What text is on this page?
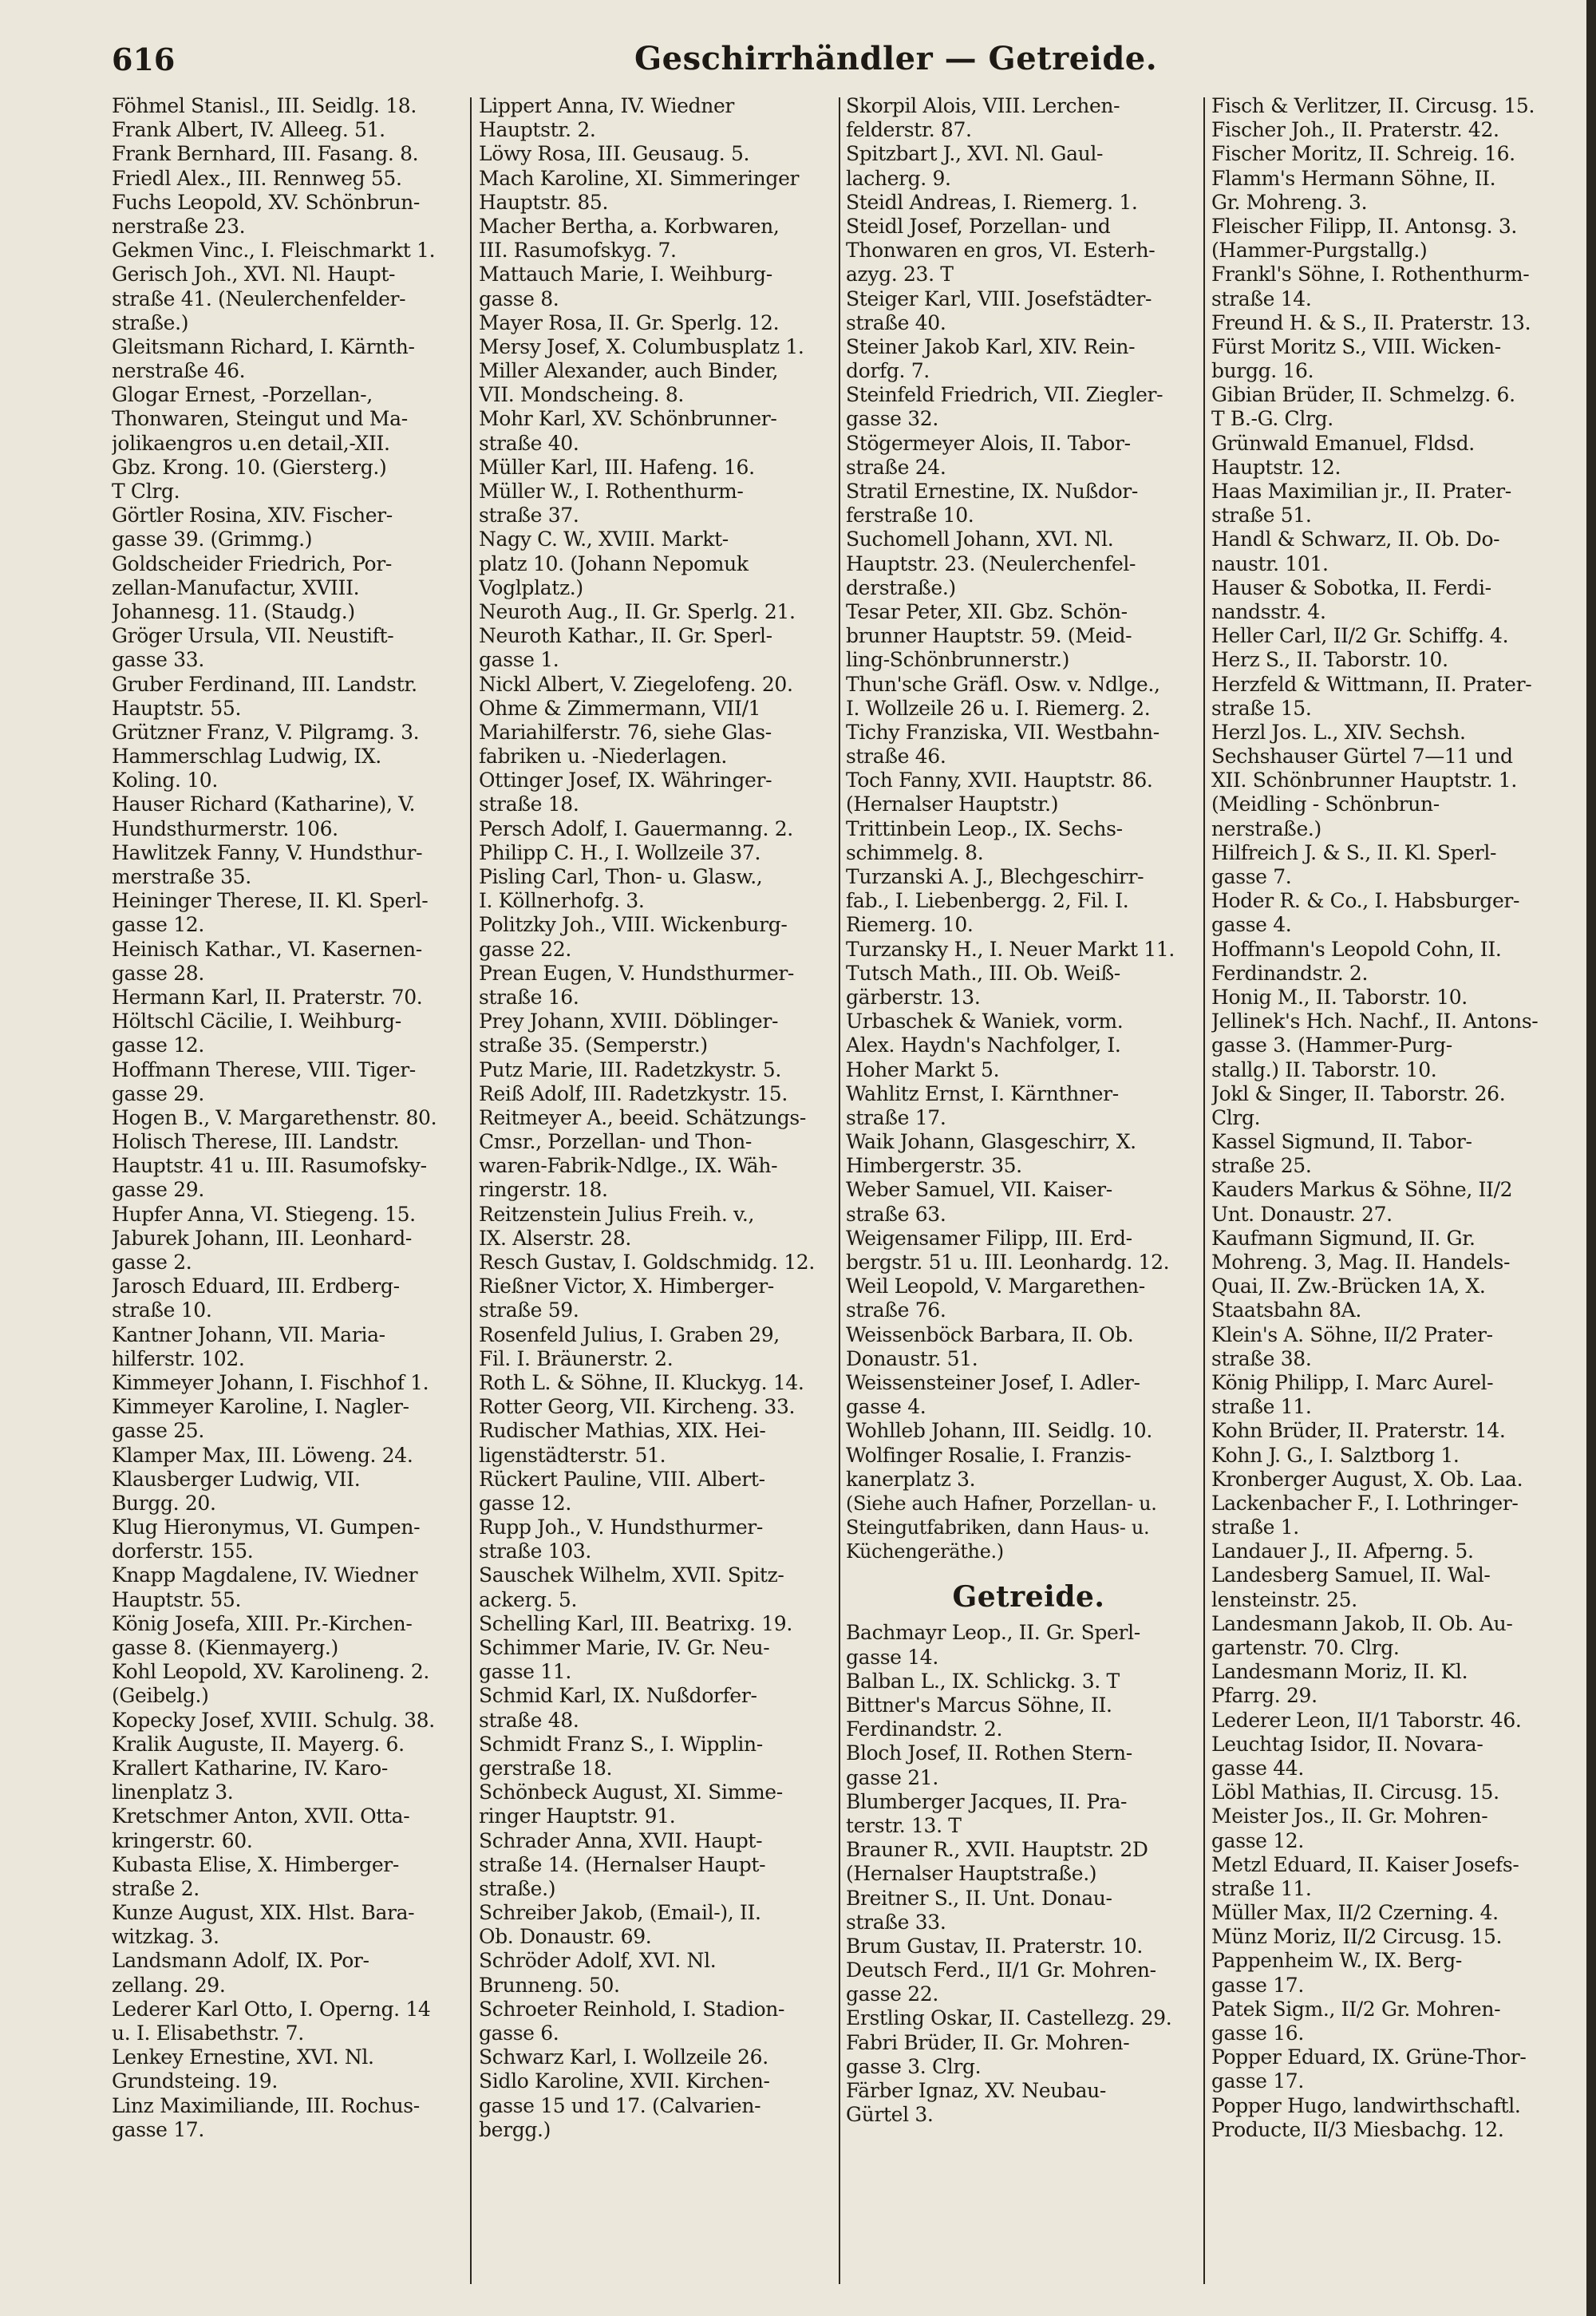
616	Geschirrhändler — Getreide.
Föhmel Stanisl., III. Seidlg. 18.
Frank Albert, IV. Alleeg. 51.
Frank Bernhard, III. Fasang. 8.
Friedl Alex., III. Rennweg 55.
Fuchs Leopold, XV. Schönbrun-
nerstraße 23.
Gekmen Vinc., I. Fleischmarkt 1.
Gerisch Joh., XVI. Nl. Haupt-
straße 41. (Neulerchenfelder-
straße.)
Gleitsmann Richard, I. Kärnth-
nerstraße 46.
Glogar Ernest, -Porzellan-,
Thonwaren, Steingut und Ma-
jolikaengros u.en detail,-XII.
Gbz. Krong. 10. (Giersterg.)
T Clrg.
Görtler Rosina, XIV. Fischer-
gasse 39. (Grimmg.)
Goldscheider Friedrich, Por-
zellan-Manufactur, XVIII.
Johannesg. 11. (Staudg.)
Gröger Ursula, VII. Neustift-
gasse 33.
Gruber Ferdinand, III. Landstr.
Hauptstr. 55.
Grützner Franz, V. Pilgramg. 3.
Hammerschlag Ludwig, IX.
Koling. 10.
Hauser Richard (Katharine), V.
Hundsthurmerstr. 106.
Hawlitzek Fanny, V. Hundsthur-
merstraße 35.
Heininger Therese, II. Kl. Sperl-
gasse 12.
Heinisch Kathar., VI. Kasernen-
gasse 28.
Hermann Karl, II. Praterstr. 70.
Höltschl Cäcilie, I. Weihburg-
gasse 12.
Hoffmann Therese, VIII. Tiger-
gasse 29.
Hogen B., V. Margarethenstr. 80.
Holisch Therese, III. Landstr.
Hauptstr. 41 u. III. Rasumofsky-
gasse 29.
Hupfer Anna, VI. Stiegeng. 15.
Jaburek Johann, III. Leonhard-
gasse 2.
Jarosch Eduard, III. Erdberg-
straße 10.
Kantner Johann, VII. Maria-
hilferstr. 102.
Kimmeyer Johann, I. Fischhof 1.
Kimmeyer Karoline, I. Nagler-
gasse 25.
Klamper Max, III. Löweng. 24.
Klausberger Ludwig, VII.
Burgg. 20.
Klug Hieronymus, VI. Gumpen-
dorferstr. 155.
Knapp Magdalene, IV. Wiedner
Hauptstr. 55.
König Josefa, XIII. Pr.-Kirchen-
gasse 8. (Kienmayerg.)
Kohl Leopold, XV. Karolineng. 2.
(Geibelg.)
Kopecky Josef, XVIII. Schulg. 38.
Kralik Auguste, II. Mayerg. 6.
Krallert Katharine, IV. Karo-
linenplatz 3.
Kretschmer Anton, XVII. Otta-
kringerstr. 60.
Kubasta Elise, X. Himberger-
straße 2.
Kunze August, XIX. Hlst. Bara-
witzkag. 3.
Landsmann Adolf, IX. Por-
zellang. 29.
Lederer Karl Otto, I. Operng. 14
u. I. Elisabethstr. 7.
Lenkey Ernestine, XVI. Nl.
Grundsteing. 19.
Linz Maximiliande, III. Rochus-
gasse 17.
Lippert Anna, IV. Wiedner
Hauptstr. 2.
Löwy Rosa, III. Geusaug. 5.
Mach Karoline, XI. Simmeringer
Hauptstr. 85.
Macher Bertha, a. Korbwaren,
III. Rasumofskyg. 7.
Mattauch Marie, I. Weihburg-
gasse 8.
Mayer Rosa, II. Gr. Sperlg. 12.
Mersy Josef, X. Columbusplatz 1.
Miller Alexander, auch Binder,
VII. Mondscheing. 8.
Mohr Karl, XV. Schönbrunner-
straße 40.
Müller Karl, III. Hafeng. 16.
Müller W., I. Rothenthurm-
straße 37.
Nagy C. W., XVIII. Markt-
platz 10. (Johann Nepomuk
Voglplatz.)
Neuroth Aug., II. Gr. Sperlg. 21.
Neuroth Kathar., II. Gr. Sperl-
gasse 1.
Nickl Albert, V. Ziegelofeng. 20.
Ohme & Zimmermann, VII/1
Mariahilferstr. 76, siehe Glas-
fabriken u. -Niederlagen.
Ottinger Josef, IX. Währinger-
straße 18.
Persch Adolf, I. Gauermanng. 2.
Philipp C. H., I. Wollzeile 37.
Pisling Carl, Thon- u. Glasw.,
I. Köllnerhofg. 3.
Politzky Joh., VIII. Wickenburg-
gasse 22.
Prean Eugen, V. Hundsthurmer-
straße 16.
Prey Johann, XVIII. Döblinger-
straße 35. (Semperstr.)
Putz Marie, III. Radetzkystr. 5.
Reiß Adolf, III. Radetzkystr. 15.
Reitmeyer A., beeid. Schätzungs-
Cmsr., Porzellan- und Thon-
waren-Fabrik-Ndlge., IX. Wäh-
ringerstr. 18.
Reitzenstein Julius Freih. v.,
IX. Alserstr. 28.
Resch Gustav, I. Goldschmidg. 12.
Rießner Victor, X. Himberger-
straße 59.
Rosenfeld Julius, I. Graben 29,
Fil. I. Bräunerstr. 2.
Roth L. & Söhne, II. Kluckyg. 14.
Rotter Georg, VII. Kircheng. 33.
Rudischer Mathias, XIX. Hei-
ligenstädterstr. 51.
Rückert Pauline, VIII. Albert-
gasse 12.
Rupp Joh., V. Hundsthurmer-
straße 103.
Sauschek Wilhelm, XVII. Spitz-
ackerg. 5.
Schelling Karl, III. Beatrixg. 19.
Schimmer Marie, IV. Gr. Neu-
gasse 11.
Schmid Karl, IX. Nußdorfer-
straße 48.
Schmidt Franz S., I. Wipplin-
gerstraße 18.
Schönbeck August, XI. Simme-
ringer Hauptstr. 91.
Schrader Anna, XVII. Haupt-
straße 14. (Hernalser Haupt-
straße.)
Schreiber Jakob, (Email-), II.
Ob. Donaustr. 69.
Schröder Adolf, XVI. Nl.
Brunneng. 50.
Schroeter Reinhold, I. Stadion-
gasse 6.
Schwarz Karl, I. Wollzeile 26.
Sidlo Karoline, XVII. Kirchen-
gasse 15 und 17. (Calvarien-
bergg.)
Skorpil Alois, VIII. Lerchen-
felderstr. 87.
Spitzbart J., XVI. Nl. Gaul-
lacherg. 9.
Steidl Andreas, I. Riemerg. 1.
Steidl Josef, Porzellan- und
Thonwaren en gros, VI. Esterh-
azyg. 23. T
Steiger Karl, VIII. Josefstädter-
straße 40.
Steiner Jakob Karl, XIV. Rein-
dorfg. 7.
Steinfeld Friedrich, VII. Ziegler-
gasse 32.
Stögermeyer Alois, II. Tabor-
straße 24.
Stratil Ernestine, IX. Nußdor-
ferstraße 10.
Suchomell Johann, XVI. Nl.
Hauptstr. 23. (Neulerchenfel-
derstraße.)
Tesar Peter, XII. Gbz. Schön-
brunner Hauptstr. 59. (Meid-
ling-Schönbrunnerstr.)
Thun'sche Gräfl. Osw. v. Ndlge.,
I. Wollzeile 26 u. I. Riemerg. 2.
Tichy Franziska, VII. Westbahn-
straße 46.
Toch Fanny, XVII. Hauptstr. 86.
(Hernalser Hauptstr.)
Trittinbein Leop., IX. Sechs-
schimmelg. 8.
Turzanski A. J., Blechgeschirr-
fab., I. Liebenbergg. 2, Fil. I.
Riemerg. 10.
Turzansky H., I. Neuer Markt 11.
Tutsch Math., III. Ob. Weiß-
gärberstr. 13.
Urbaschek & Waniek, vorm.
Alex. Haydn's Nachfolger, I.
Hoher Markt 5.
Wahlitz Ernst, I. Kärnthner-
straße 17.
Waik Johann, Glasgeschirr, X.
Himbergerstr. 35.
Weber Samuel, VII. Kaiser-
straße 63.
Weigensamer Filipp, III. Erd-
bergstr. 51 u. III. Leonhardg. 12.
Weil Leopold, V. Margarethen-
straße 76.
Weissenböck Barbara, II. Ob.
Donaustr. 51.
Weissensteiner Josef, I. Adler-
gasse 4.
Wohlleb Johann, III. Seidlg. 10.
Wolfinger Rosalie, I. Franzis-
kanerplatz 3.
(Siehe auch Hafner, Porzellan- u.
Steingutfabriken, dann Haus- u.
Küchengeräthe.)
Getreide.
Bachmayr Leop., II. Gr. Sperl-
gasse 14.
Balban L., IX. Schlickg. 3. T
Bittner's Marcus Söhne, II.
Ferdinandstr. 2.
Bloch Josef, II. Rothen Stern-
gasse 21.
Blumberger Jacques, II. Pra-
terstr. 13. T
Brauner R., XVII. Hauptstr. 2D
(Hernalser Hauptstraße.)
Breitner S., II. Unt. Donau-
straße 33.
Brum Gustav, II. Praterstr. 10.
Deutsch Ferd., II/1 Gr. Mohren-
gasse 22.
Erstling Oskar, II. Castellezg. 29.
Fabri Brüder, II. Gr. Mohren-
gasse 3. Clrg.
Färber Ignaz, XV. Neubau-
Gürtel 3.
Fisch & Verlitzer, II. Circusg. 15.
Fischer Joh., II. Praterstr. 42.
Fischer Moritz, II. Schreig. 16.
Flamm's Hermann Söhne, II.
Gr. Mohreng. 3.
Fleischer Filipp, II. Antonsg. 3.
(Hammer-Purgstallg.)
Frankl's Söhne, I. Rothenthurm-
straße 14.
Freund H. & S., II. Praterstr. 13.
Fürst Moritz S., VIII. Wicken-
burgg. 16.
Gibian Brüder, II. Schmelzg. 6.
T B.-G. Clrg.
Grünwald Emanuel, Fldsd.
Hauptstr. 12.
Haas Maximilian jr., II. Prater-
straße 51.
Handl & Schwarz, II. Ob. Do-
naustr. 101.
Hauser & Sobotka, II. Ferdi-
nandsstr. 4.
Heller Carl, II/2 Gr. Schiffg. 4.
Herz S., II. Taborstr. 10.
Herzfeld & Wittmann, II. Prater-
straße 15.
Herzl Jos. L., XIV. Sechsh.
Sechshauser Gürtel 7—11 und
XII. Schönbrunner Hauptstr. 1.
(Meidling - Schönbrun-
nerstraße.)
Hilfreich J. & S., II. Kl. Sperl-
gasse 7.
Hoder R. & Co., I. Habsburger-
gasse 4.
Hoffmann's Leopold Cohn, II.
Ferdinandstr. 2.
Honig M., II. Taborstr. 10.
Jellinek's Hch. Nachf., II. Antons-
gasse 3. (Hammer-Purg-
stallg.) II. Taborstr. 10.
Jokl & Singer, II. Taborstr. 26.
Clrg.
Kassel Sigmund, II. Tabor-
straße 25.
Kauders Markus & Söhne, II/2
Unt. Donaustr. 27.
Kaufmann Sigmund, II. Gr.
Mohreng. 3, Mag. II. Handels-
Quai, II. Zw.-Brücken 1A, X.
Staatsbahn 8A.
Klein's A. Söhne, II/2 Prater-
straße 38.
König Philipp, I. Marc Aurel-
straße 11.
Kohn Brüder, II. Praterstr. 14.
Kohn J. G., I. Salztborg 1.
Kronberger August, X. Ob. Laa.
Lackenbacher F., I. Lothringer-
straße 1.
Landauer J., II. Afperng. 5.
Landesberg Samuel, II. Wal-
lensteinstr. 25.
Landesmann Jakob, II. Ob. Au-
gartenstr. 70. Clrg.
Landesmann Moriz, II. Kl.
Pfarrg. 29.
Lederer Leon, II/1 Taborstr. 46.
Leuchtag Isidor, II. Novara-
gasse 44.
Löbl Mathias, II. Circusg. 15.
Meister Jos., II. Gr. Mohren-
gasse 12.
Metzl Eduard, II. Kaiser Josefs-
straße 11.
Müller Max, II/2 Czerning. 4.
Münz Moriz, II/2 Circusg. 15.
Pappenheim W., IX. Berg-
gasse 17.
Patek Sigm., II/2 Gr. Mohren-
gasse 16.
Popper Eduard, IX. Grüne-Thor-
gasse 17.
Popper Hugo, landwirthschaftl.
Producte, II/3 Miesbachg. 12.
